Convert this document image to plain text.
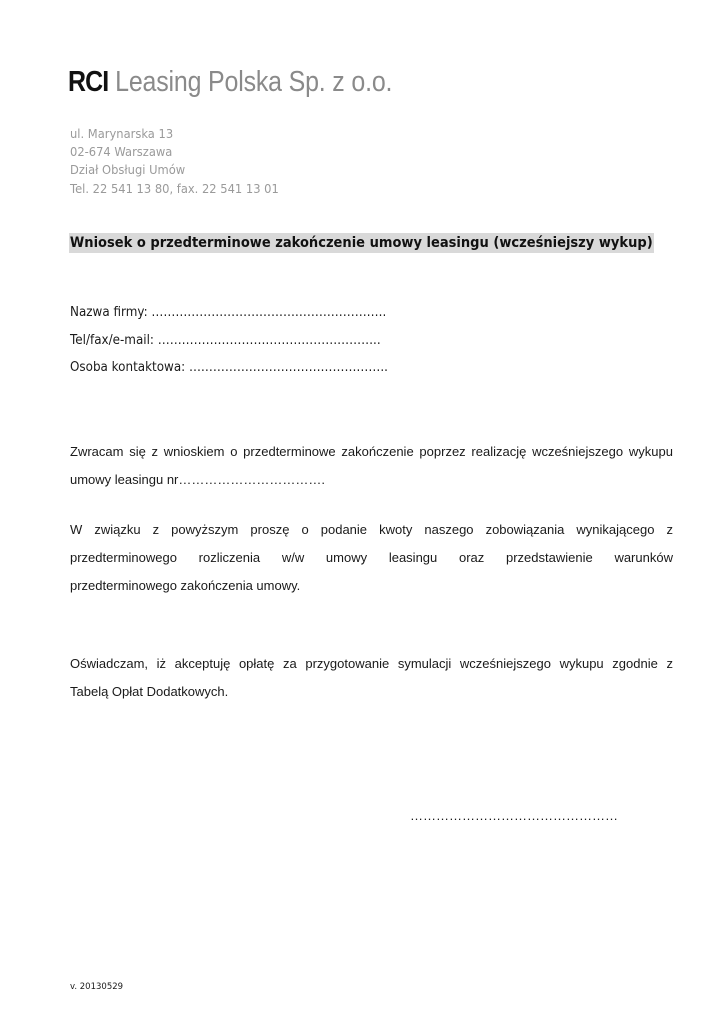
RCI Leasing Polska Sp. z o.o.
ul. Marynarska 13
02-674 Warszawa
Dział Obsługi Umów
Tel. 22 541 13 80, fax. 22 541 13 01
Wniosek o przedterminowe zakończenie umowy leasingu (wcześniejszy wykup)
Nazwa firmy: …………………………………………………..
Tel/fax/e-mail: ………………………………………………..
Osoba kontaktowa: …………………………………………..
Zwracam się z wnioskiem o przedterminowe zakończenie poprzez realizację wcześniejszego wykupu
umowy leasingu nr…………………………….
W związku z powyższym proszę o podanie kwoty naszego zobowiązania wynikającego z
przedterminowego rozliczenia w/w umowy leasingu oraz przedstawienie warunków
przedterminowego zakończenia umowy.
Oświadczam, iż akceptuję opłatę za przygotowanie symulacji wcześniejszego wykupu zgodnie z
Tabelą Opłat Dodatkowych.
…………………………………………
v. 20130529
